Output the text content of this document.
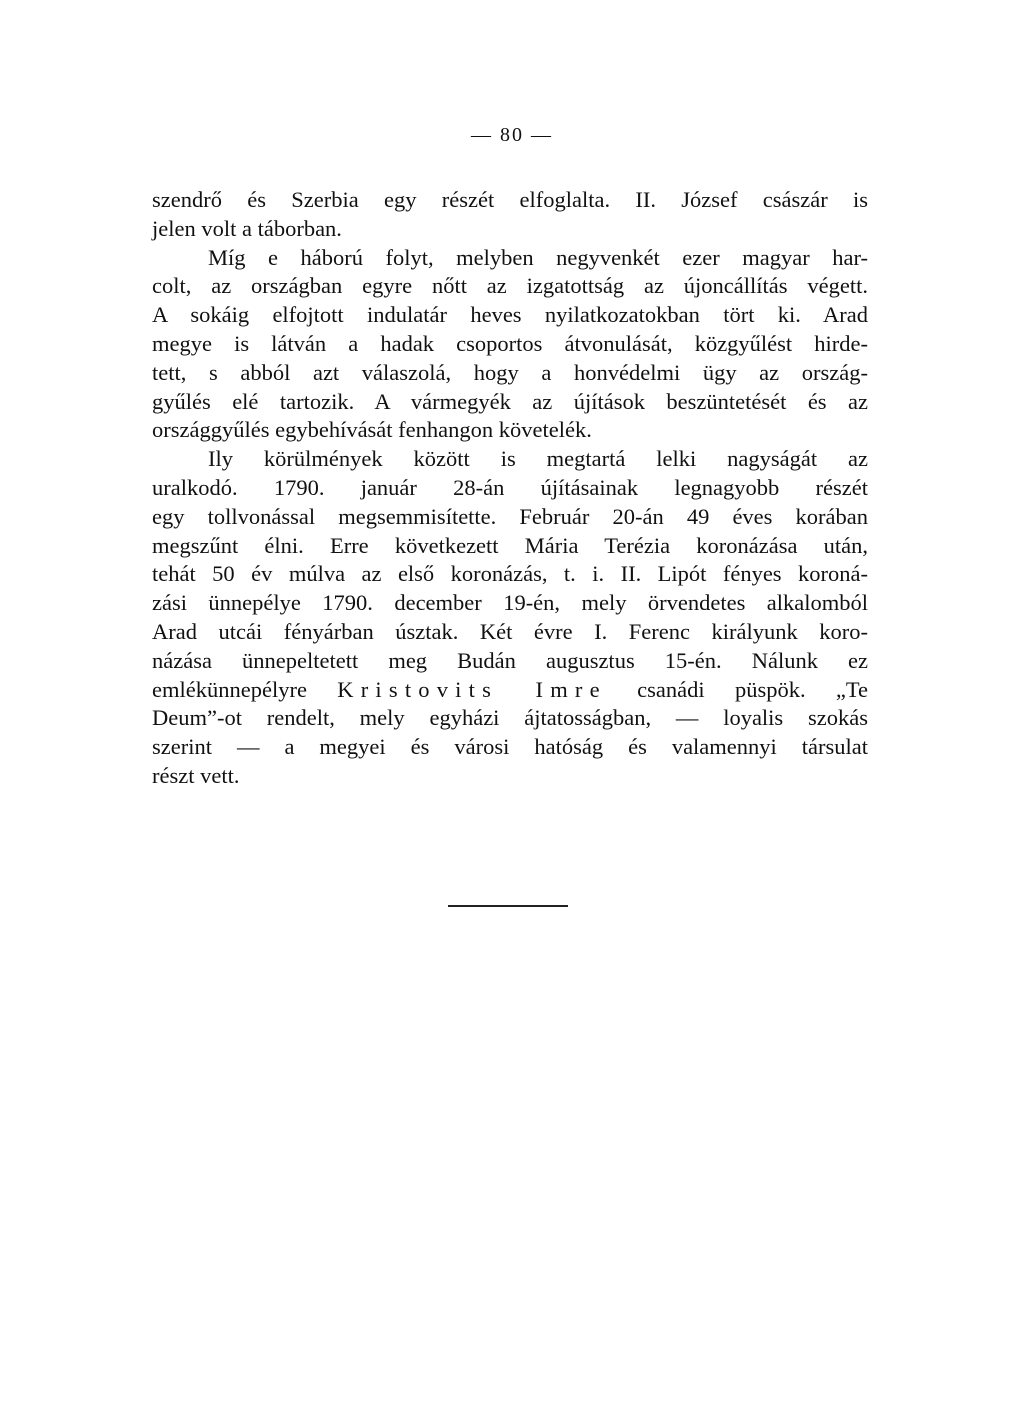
— 80 —
szendrő és Szerbia egy részét elfoglalta. II. József császár is
jelen volt a táborban.
Míg e háború folyt, melyben negyvenkét ezer magyar har-
colt, az országban egyre nőtt az izgatottság az újoncállítás végett.
A sokáig elfojtott indulatár heves nyilatkozatokban tört ki. Arad
megye is látván a hadak csoportos átvonulását, közgyűlést hirde-
tett, s abból azt válaszolá, hogy a honvédelmi ügy az ország-
gyűlés elé tartozik. A vármegyék az újítások beszüntetését és az
országgyűlés egybehívását fenhangon követelék.
Ily körülmények között is megtartá lelki nagyságát az
uralkodó. 1790. január 28-án újításainak legnagyobb részét
egy tollvonással megsemmisítette. Február 20-án 49 éves korában
megszűnt élni. Erre következett Mária Terézia koronázása után,
tehát 50 év múlva az első koronázás, t. i. II. Lipót fényes koroná-
zási ünnepélye 1790. december 19-én, mely örvendetes alkalomból
Arad utcái fényárban úsztak. Két évre I. Ferenc királyunk koro-
názása ünnepeltetett meg Budán augusztus 15-én. Nálunk ez
emlékünnepélyre Kristovits Imre csanádi püspök. „Te
Deum”-ot rendelt, mely egyházi ájtatosságban, — loyalis szokás
szerint — a megyei és városi hatóság és valamennyi társulat
részt vett.
